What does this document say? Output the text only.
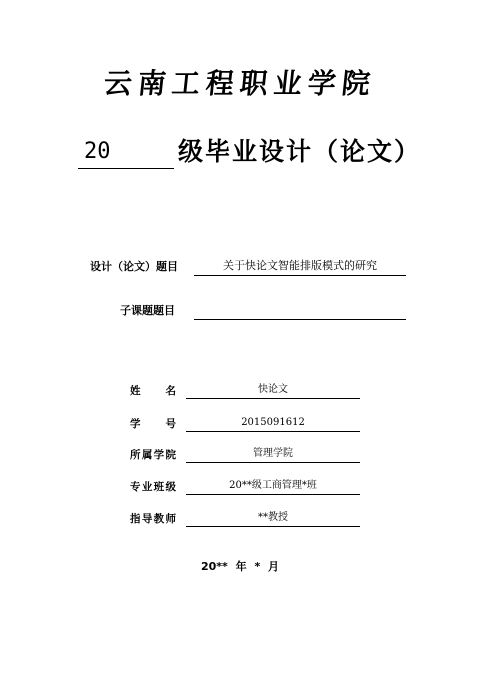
云南工程职业学院
20	级毕业设计（论文）
设计（论文）题目	关于快论文智能排版模式的研究
子课题题目
姓 名	快论文
学 号	2015091612
所属学院	管理学院
专业班级	20**级工商管理*班
指导教师	**教授
20** 年 * 月
